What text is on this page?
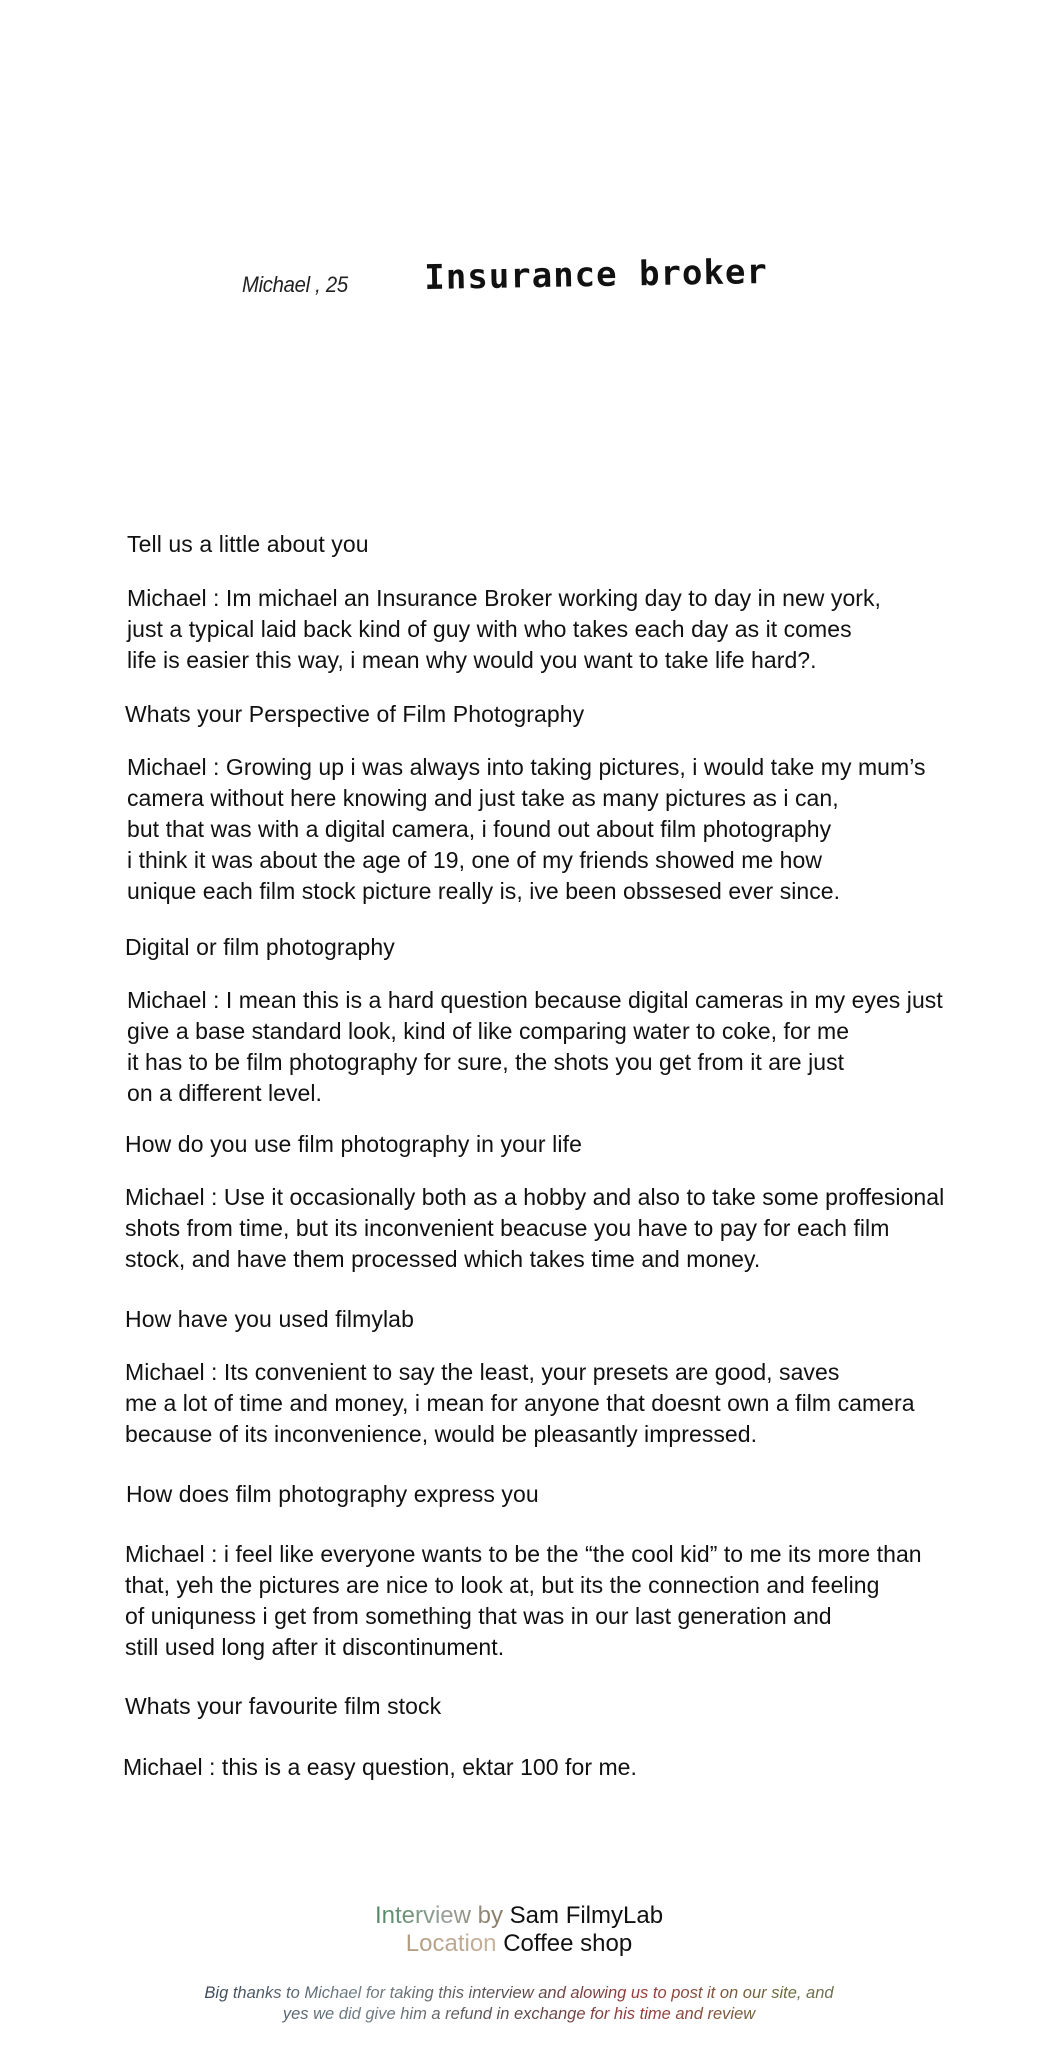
Michael , 25 Insurance broker
Tell us a little about you
Michael : Im michael an Insurance Broker working day to day in new york,
just a typical laid back kind of guy with who takes each day as it comes
life is easier this way, i mean why would you want to take life hard?.
Whats your Perspective of Film Photography
Michael : Growing up i was always into taking pictures, i would take my mum’s
camera without here knowing and just take as many pictures as i can,
but that was with a digital camera, i found out about film photography
i think it was about the age of 19, one of my friends showed me how
unique each film stock picture really is, ive been obssesed ever since.
Digital or film photography
Michael : I mean this is a hard question because digital cameras in my eyes just
give a base standard look, kind of like comparing water to coke, for me
it has to be film photography for sure, the shots you get from it are just
on a different level.
How do you use film photography in your life
Michael : Use it occasionally both as a hobby and also to take some proffesional
shots from time, but its inconvenient beacuse you have to pay for each film
stock, and have them processed which takes time and money.
How have you used filmylab
Michael : Its convenient to say the least, your presets are good, saves
me a lot of time and money, i mean for anyone that doesnt own a film camera
because of its inconvenience, would be pleasantly impressed.
How does film photography express you
Michael : i feel like everyone wants to be the “the cool kid” to me its more than
that, yeh the pictures are nice to look at, but its the connection and feeling
of uniquness i get from something that was in our last generation and
still used long after it discontinument.
Whats your favourite film stock
Michael : this is a easy question, ektar 100 for me.
Interview by Sam FilmyLab
Location Coffee shop
Big thanks to Michael for taking this interview and alowing us to post it on our site, and
yes we did give him a refund in exchange for his time and review
